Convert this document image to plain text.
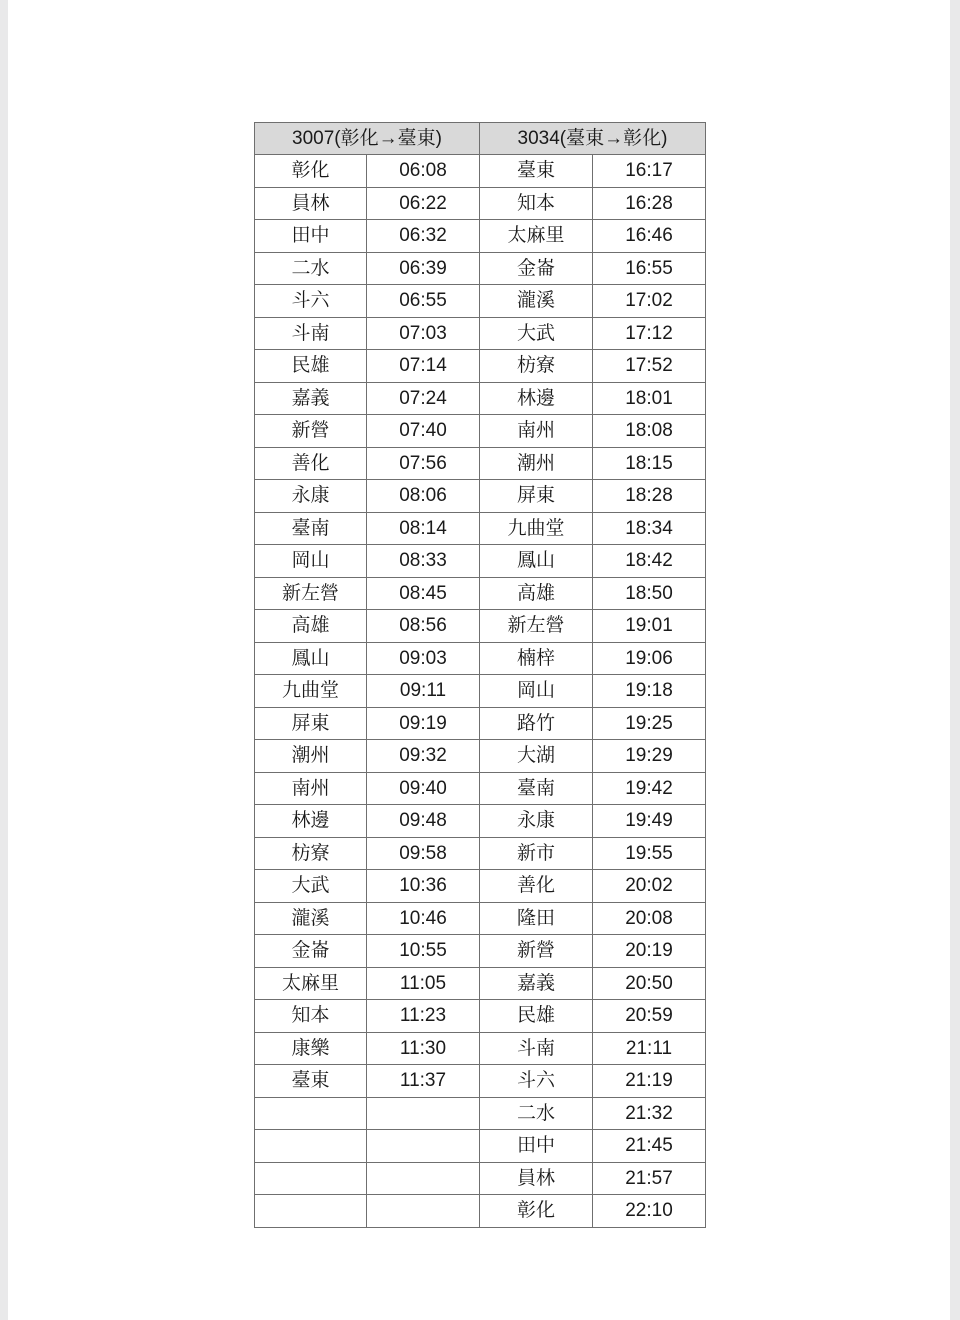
3007(彰化→臺東)		3034(臺東→彰化)	
彰化	06:08	臺東	16:17
員林	06:22	知本	16:28
田中	06:32	太麻里	16:46
二水	06:39	金崙	16:55
斗六	06:55	瀧溪	17:02
斗南	07:03	大武	17:12
民雄	07:14	枋寮	17:52
嘉義	07:24	林邊	18:01
新營	07:40	南州	18:08
善化	07:56	潮州	18:15
永康	08:06	屏東	18:28
臺南	08:14	九曲堂	18:34
岡山	08:33	鳳山	18:42
新左營	08:45	高雄	18:50
高雄	08:56	新左營	19:01
鳳山	09:03	楠梓	19:06
九曲堂	09:11	岡山	19:18
屏東	09:19	路竹	19:25
潮州	09:32	大湖	19:29
南州	09:40	臺南	19:42
林邊	09:48	永康	19:49
枋寮	09:58	新市	19:55
大武	10:36	善化	20:02
瀧溪	10:46	隆田	20:08
金崙	10:55	新營	20:19
太麻里	11:05	嘉義	20:50
知本	11:23	民雄	20:59
康樂	11:30	斗南	21:11
臺東	11:37	斗六	21:19
		二水	21:32
		田中	21:45
		員林	21:57
		彰化	22:10
